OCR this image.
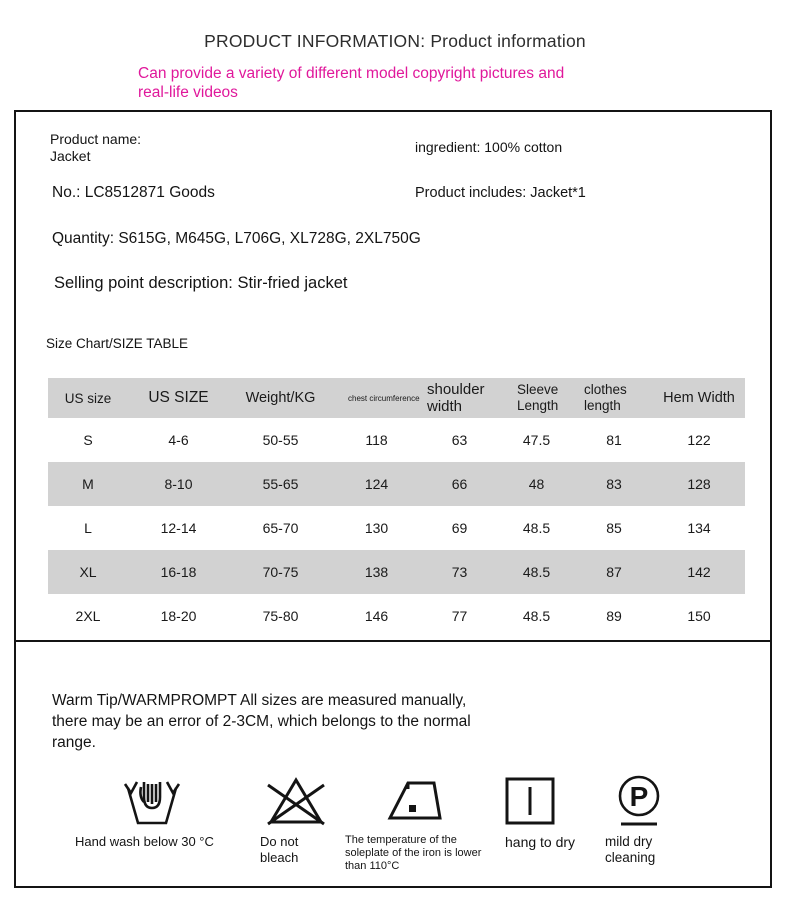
PRODUCT INFORMATION: Product information
Can provide a variety of different model copyright pictures and real-life videos
Product name:
Jacket
ingredient: 100% cotton
No.: LC8512871 Goods	Product includes: Jacket*1
Quantity: S615G, M645G, L706G, XL728G, 2XL750G
Selling point description: Stir-fried jacket
Size Chart/SIZE TABLE
US size	US SIZE	Weight/KG	chest circumference	shoulder width	Sleeve Length	clothes length	Hem Width
S	4-6	50-55	118	63	47.5	81	122
M	8-10	55-65	124	66	48	83	128
L	12-14	65-70	130	69	48.5	85	134
XL	16-18	70-75	138	73	48.5	87	142
2XL	18-20	75-80	146	77	48.5	89	150
Warm Tip/WARMPROMPT All sizes are measured manually, there may be an error of 2-3CM, which belongs to the normal range.
P
Hand wash below 30 °C	Do not bleach
The temperature of the soleplate of the iron is lower than 110°C
hang to dry mild dry cleaning
